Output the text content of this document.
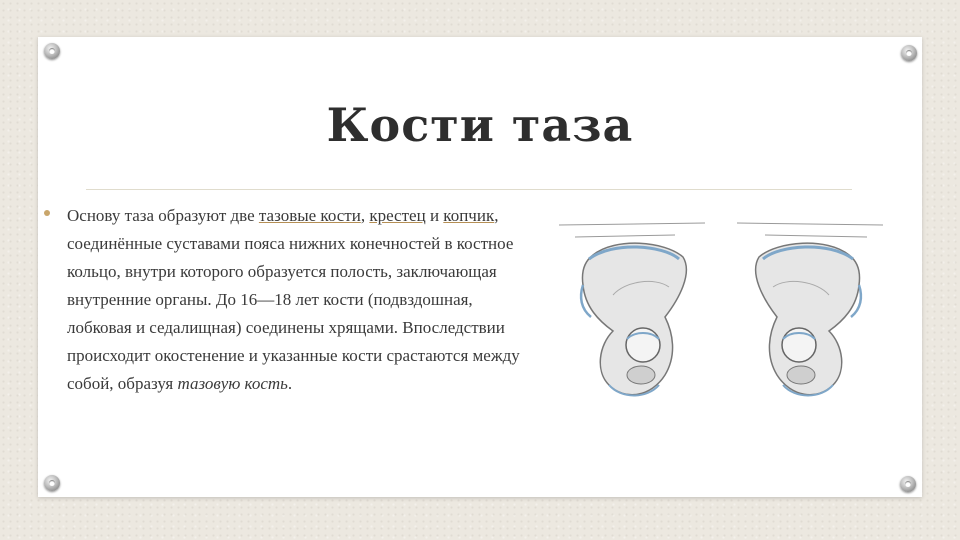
Кости таза

Основу таза образуют две тазовые кости, крестец и копчик, соединённые суставами пояса нижних конечностей в костное кольцо, внутри которого образуется полость, заключающая внутренние органы. До 16—18 лет кости (подвздошная, лобковая и седалищная) соединены хрящами. Впоследствии происходит окостенение и указанные кости срастаются между собой, образуя тазовую кость.
